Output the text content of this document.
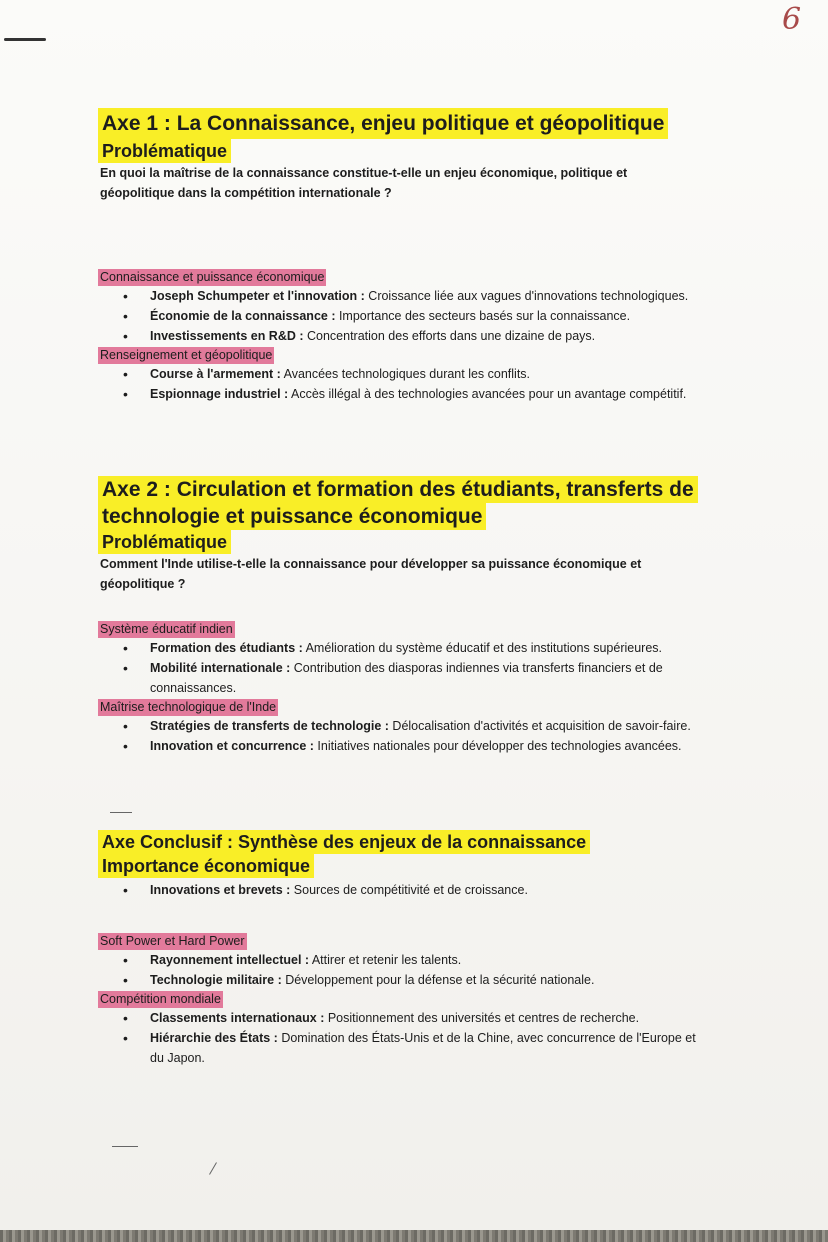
6
Axe 1 : La Connaissance, enjeu politique et géopolitique
Problématique
En quoi la maîtrise de la connaissance constitue-t-elle un enjeu économique, politique et géopolitique dans la compétition internationale ?
Connaissance et puissance économique
• Joseph Schumpeter et l'innovation : Croissance liée aux vagues d'innovations technologiques.
• Économie de la connaissance : Importance des secteurs basés sur la connaissance.
• Investissements en R&D : Concentration des efforts dans une dizaine de pays.
Renseignement et géopolitique
• Course à l'armement : Avancées technologiques durant les conflits.
• Espionnage industriel : Accès illégal à des technologies avancées pour un avantage compétitif.
Axe 2 : Circulation et formation des étudiants, transferts de technologie et puissance économique
Problématique
Comment l'Inde utilise-t-elle la connaissance pour développer sa puissance économique et géopolitique ?
Système éducatif indien
• Formation des étudiants : Amélioration du système éducatif et des institutions supérieures.
• Mobilité internationale : Contribution des diasporas indiennes via transferts financiers et de connaissances.
Maîtrise technologique de l'Inde
• Stratégies de transferts de technologie : Délocalisation d'activités et acquisition de savoir-faire.
• Innovation et concurrence : Initiatives nationales pour développer des technologies avancées.
Axe Conclusif : Synthèse des enjeux de la connaissance
Importance économique
• Innovations et brevets : Sources de compétitivité et de croissance.
Soft Power et Hard Power
• Rayonnement intellectuel : Attirer et retenir les talents.
• Technologie militaire : Développement pour la défense et la sécurité nationale.
Compétition mondiale
• Classements internationaux : Positionnement des universités et centres de recherche.
• Hiérarchie des États : Domination des États-Unis et de la Chine, avec concurrence de l'Europe et du Japon.
